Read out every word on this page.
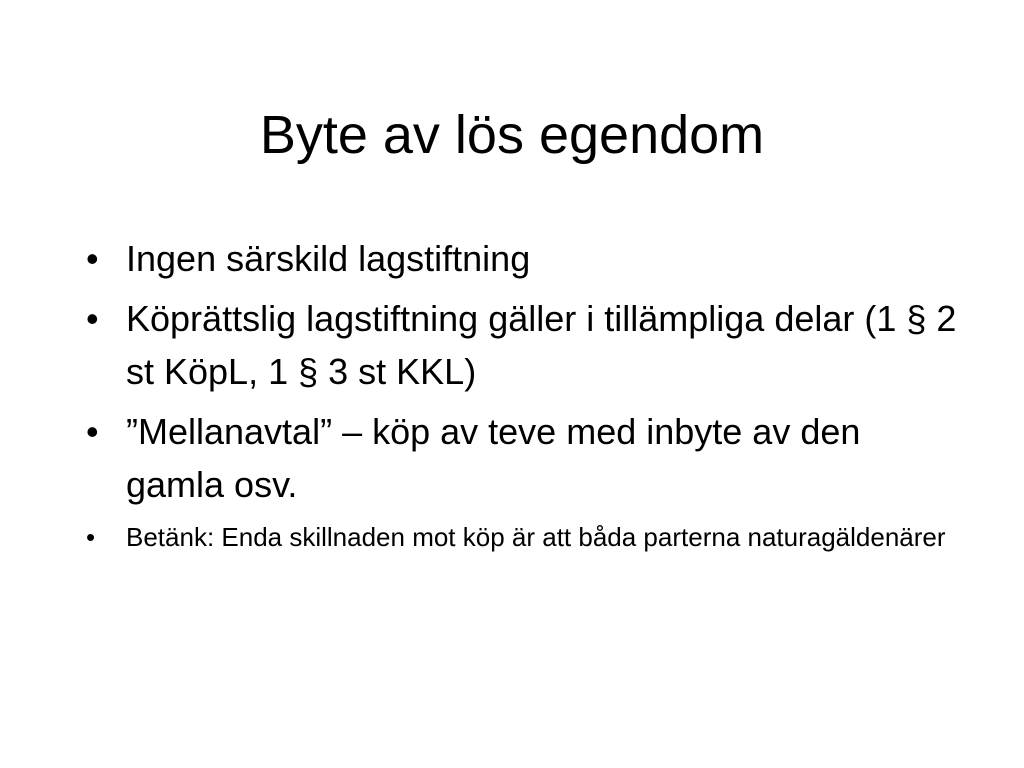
Byte av lös egendom
• Ingen särskild lagstiftning
• Köprättslig lagstiftning gäller i tillämpliga delar (1 § 2 st KöpL, 1 § 3 st KKL)
• ”Mellanavtal” – köp av teve med inbyte av den gamla osv.
•	Betänk: Enda skillnaden mot köp är att båda parterna naturagäldenärer
